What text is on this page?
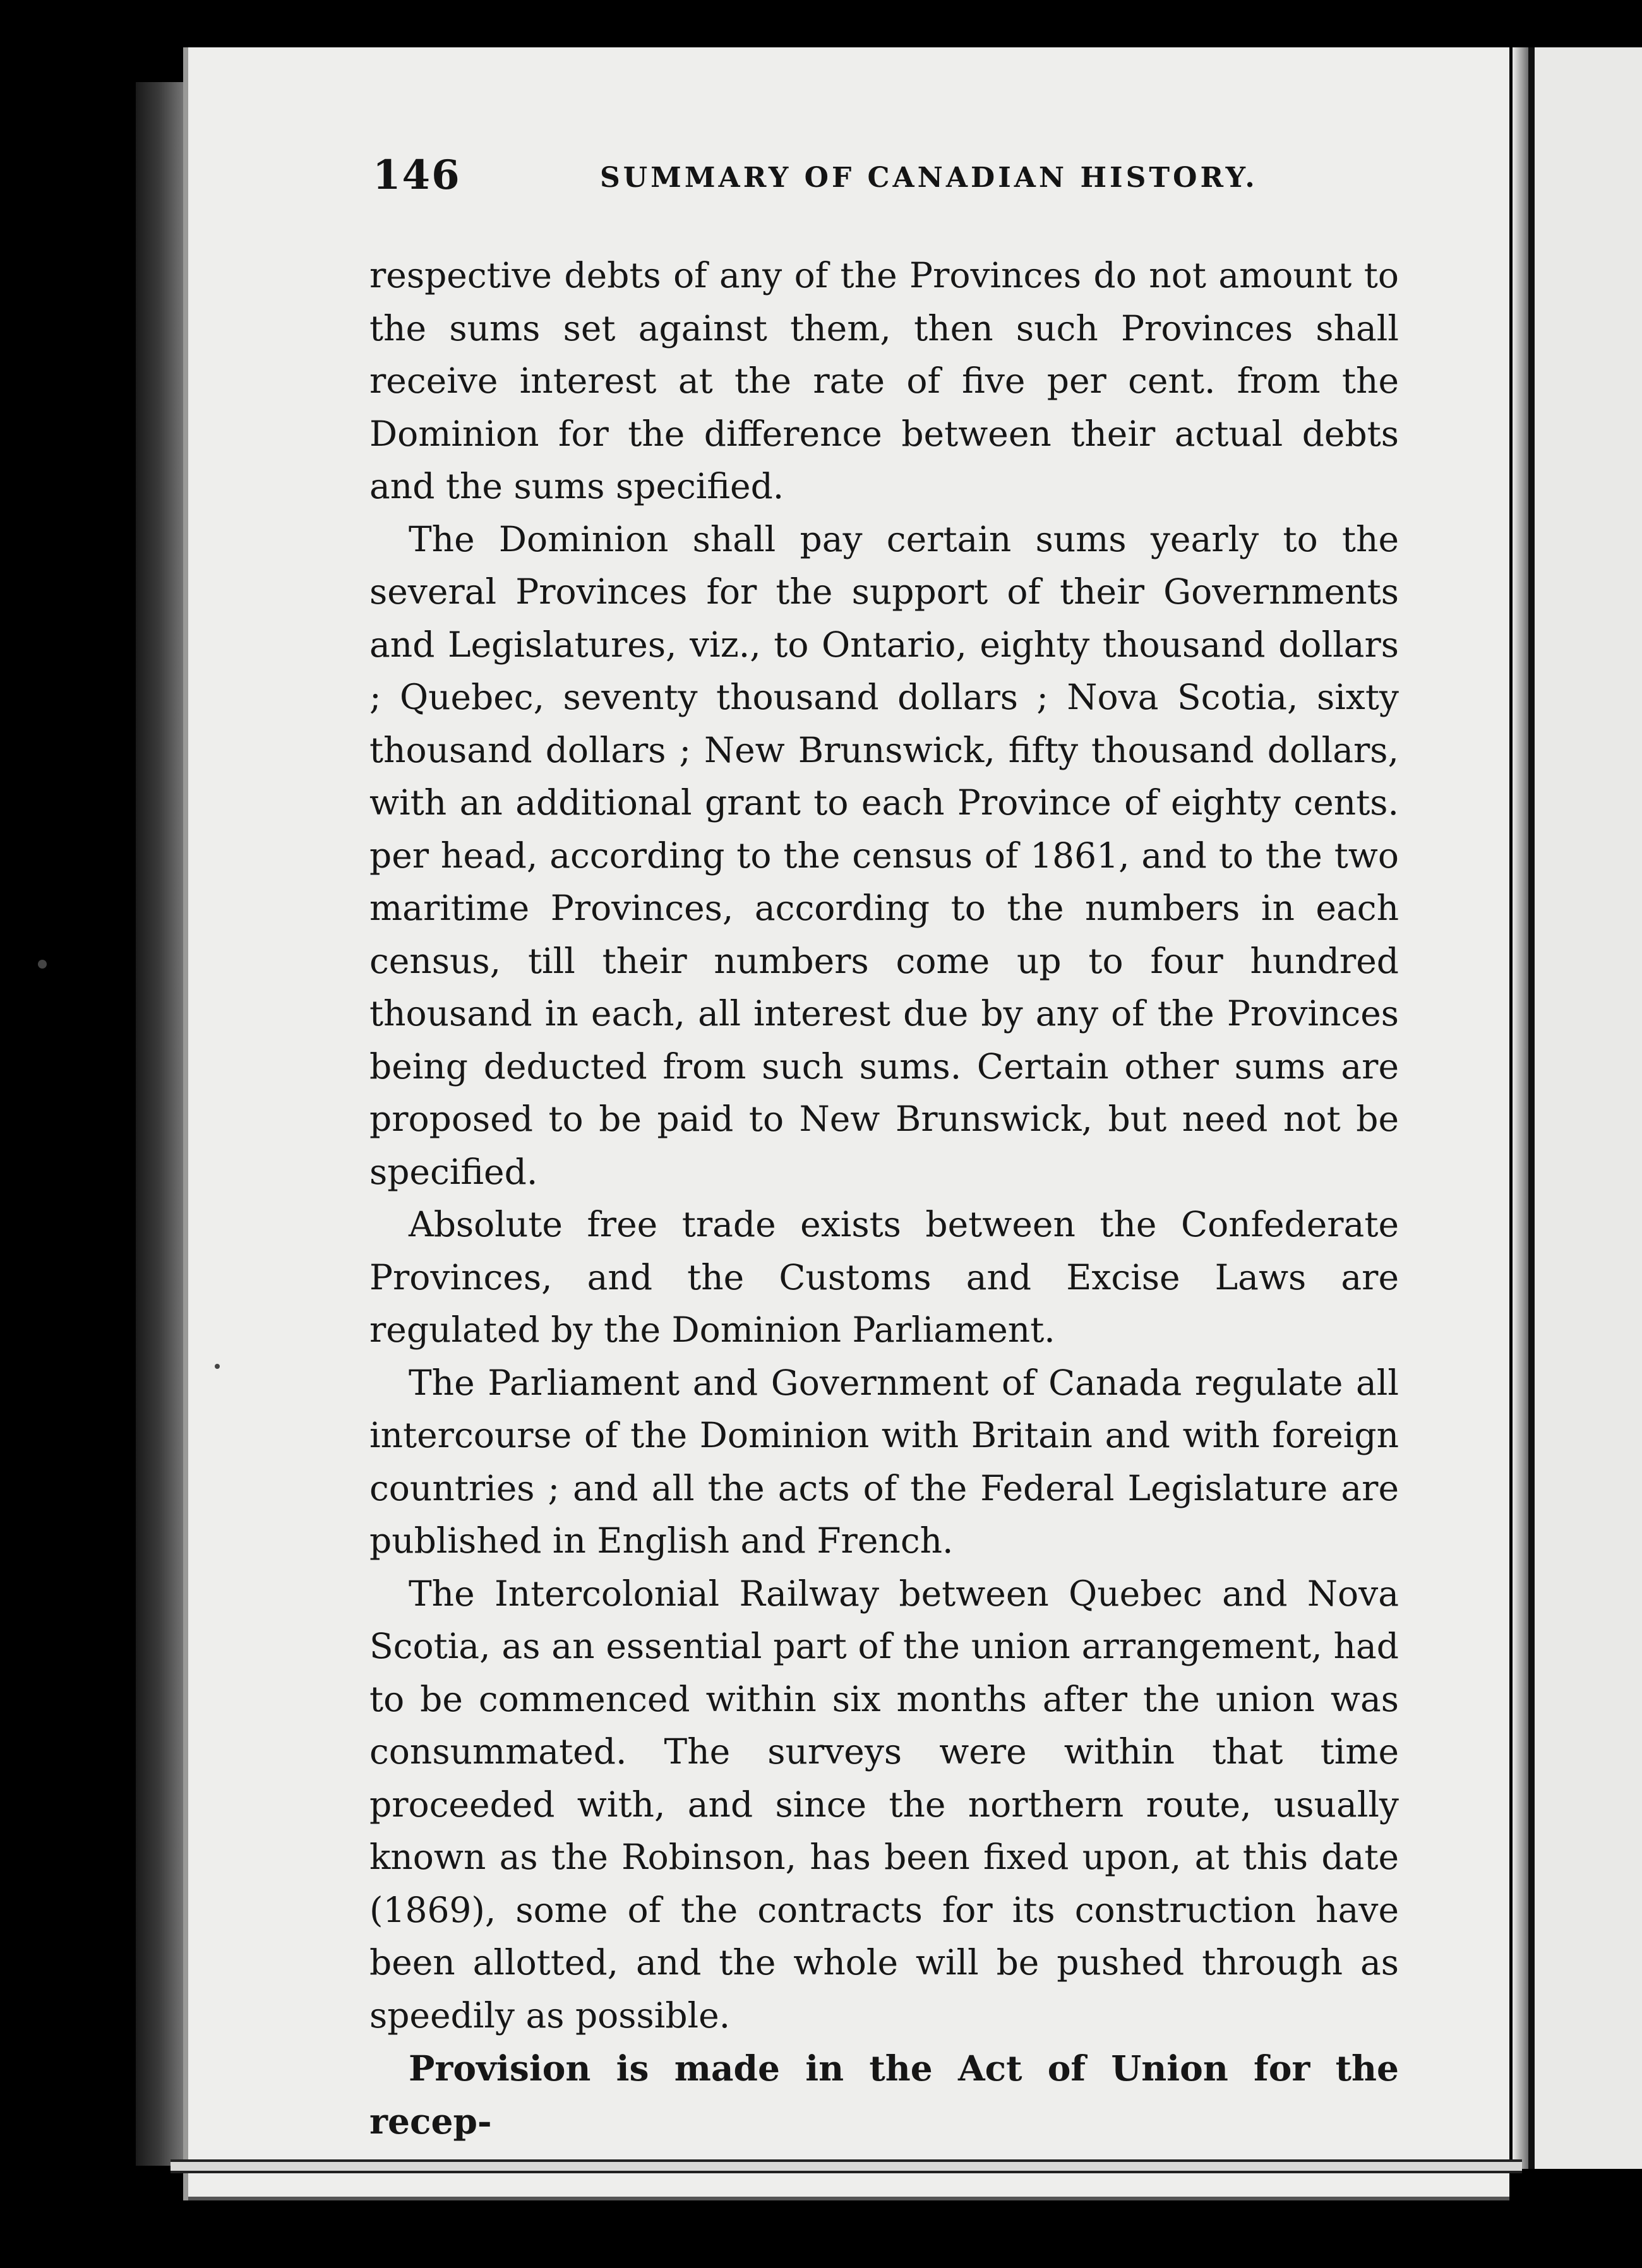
146	SUMMARY OF CANADIAN HISTORY.

respective debts of any of the Provinces do not amount to the sums set against them, then such Provinces shall receive interest at the rate of five per cent. from the Dominion for the difference between their actual debts and the sums specified.

The Dominion shall pay certain sums yearly to the several Provinces for the support of their Governments and Legislatures, viz., to Ontario, eighty thousand dollars ; Quebec, seventy thousand dollars ; Nova Scotia, sixty thousand dollars ; New Brunswick, fifty thousand dollars, with an additional grant to each Province of eighty cents. per head, according to the census of 1861, and to the two maritime Provinces, according to the numbers in each census, till their numbers come up to four hundred thousand in each, all interest due by any of the Provinces being deducted from such sums. Certain other sums are proposed to be paid to New Brunswick, but need not be specified.

Absolute free trade exists between the Confederate Provinces, and the Customs and Excise Laws are regulated by the Dominion Parliament.

The Parliament and Government of Canada regulate all intercourse of the Dominion with Britain and with foreign countries ; and all the acts of the Federal Legislature are published in English and French.

The Intercolonial Railway between Quebec and Nova Scotia, as an essential part of the union arrangement, had to be commenced within six months after the union was consummated. The surveys were within that time proceeded with, and since the northern route, usually known as the Robinson, has been fixed upon, at this date (1869), some of the contracts for its construction have been allotted, and the whole will be pushed through as speedily as possible.

Provision is made in the Act of Union for the recep-
